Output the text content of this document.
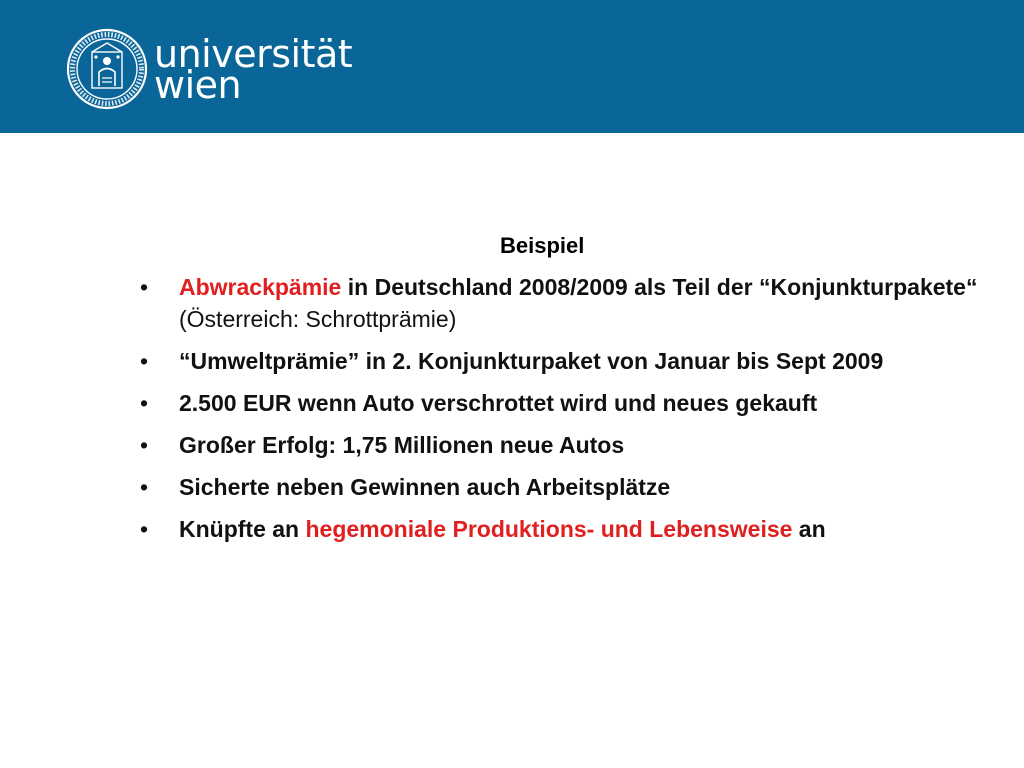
universität
wien
Beispiel
• Abwrackpämie in Deutschland 2008/2009 als Teil der “Konjunkturpakete“ (Österreich: Schrottprämie)
• “Umweltprämie” in 2. Konjunkturpaket von Januar bis Sept 2009
• 2.500 EUR wenn Auto verschrottet wird und neues gekauft
• Großer Erfolg: 1,75 Millionen neue Autos
• Sicherte neben Gewinnen auch Arbeitsplätze
• Knüpfte an hegemoniale Produktions- und Lebensweise an
